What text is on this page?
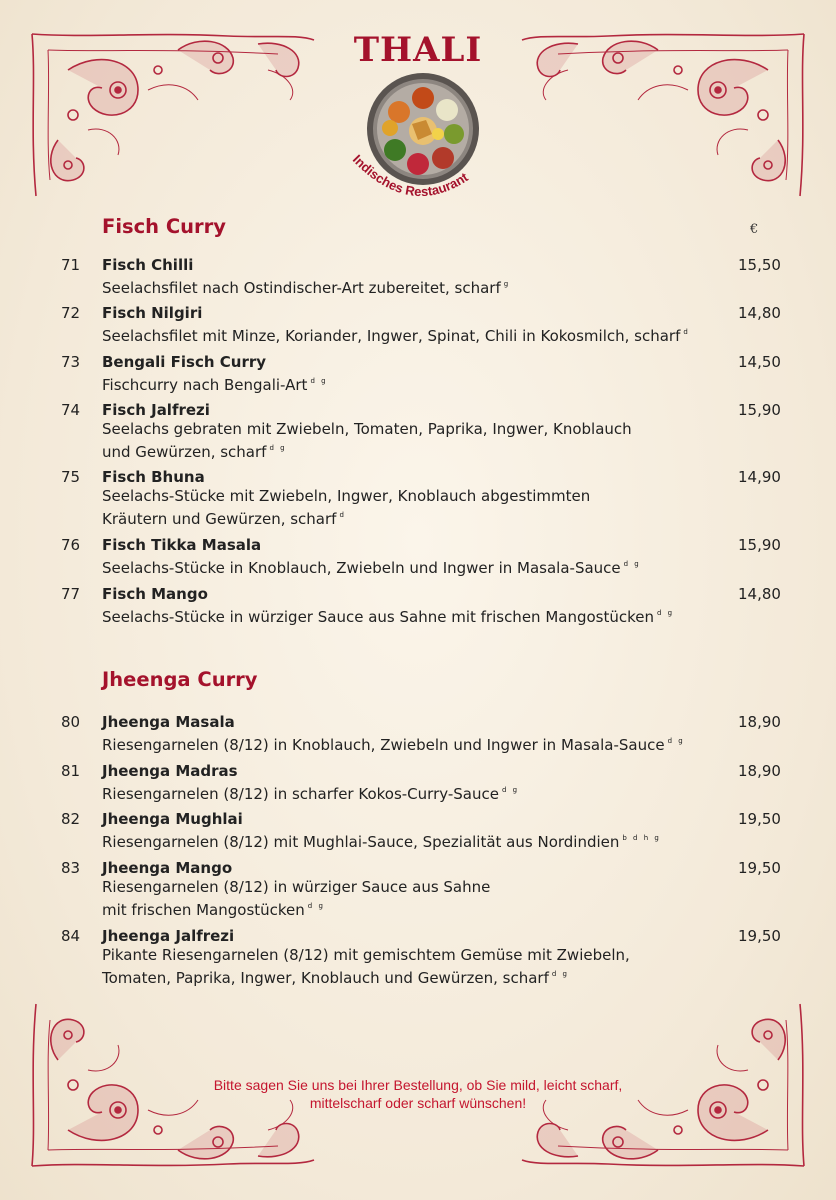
THALI
Indisches Restaurant
Fisch Curry	€
71 Fisch Chilli
Seelachsfilet nach Ostindischer-Art zubereitet, scharf $^g$
15,50
72 Fisch Nilgiri
Seelachsfilet mit Minze, Koriander, Ingwer, Spinat, Chili in Kokosmilch, scharf $^d$
14,80
73 Bengali Fisch Curry
Fischcurry nach Bengali-Art $^{d g}$
14,50
74 Fisch Jalfrezi
Seelachs gebraten mit Zwiebeln, Tomaten, Paprika, Ingwer, Knoblauch
und Gewürzen, scharf $^{d g}$
15,90
75 Fisch Bhuna
Seelachs-Stücke mit Zwiebeln, Ingwer, Knoblauch abgestimmten
Kräutern und Gewürzen, scharf $^d$
14,90
76 Fisch Tikka Masala
Seelachs-Stücke in Knoblauch, Zwiebeln und Ingwer in Masala-Sauce $^{d g}$
15,90
77 Fisch Mango
Seelachs-Stücke in würziger Sauce aus Sahne mit frischen Mangostücken $^{d g}$
14,80
Jheenga Curry
80 Jheenga Masala
Riesengarnelen (8/12) in Knoblauch, Zwiebeln und Ingwer in Masala-Sauce $^{d g}$
18,90
81 Jheenga Madras
Riesengarnelen (8/12) in scharfer Kokos-Curry-Sauce $^{d g}$
18,90
82 Jheenga Mughlai
Riesengarnelen (8/12) mit Mughlai-Sauce, Spezialität aus Nordindien $^{b d h g}$
19,50
83 Jheenga Mango
Riesengarnelen (8/12) in würziger Sauce aus Sahne
mit frischen Mangostücken $^{d g}$
19,50
84 Jheenga Jalfrezi
Pikante Riesengarnelen (8/12) mit gemischtem Gemüse mit Zwiebeln,
Tomaten, Paprika, Ingwer, Knoblauch und Gewürzen, scharf $^{d g}$
19,50
Bitte sagen Sie uns bei Ihrer Bestellung, ob Sie mild, leicht scharf,
mittelscharf oder scharf wünschen!
